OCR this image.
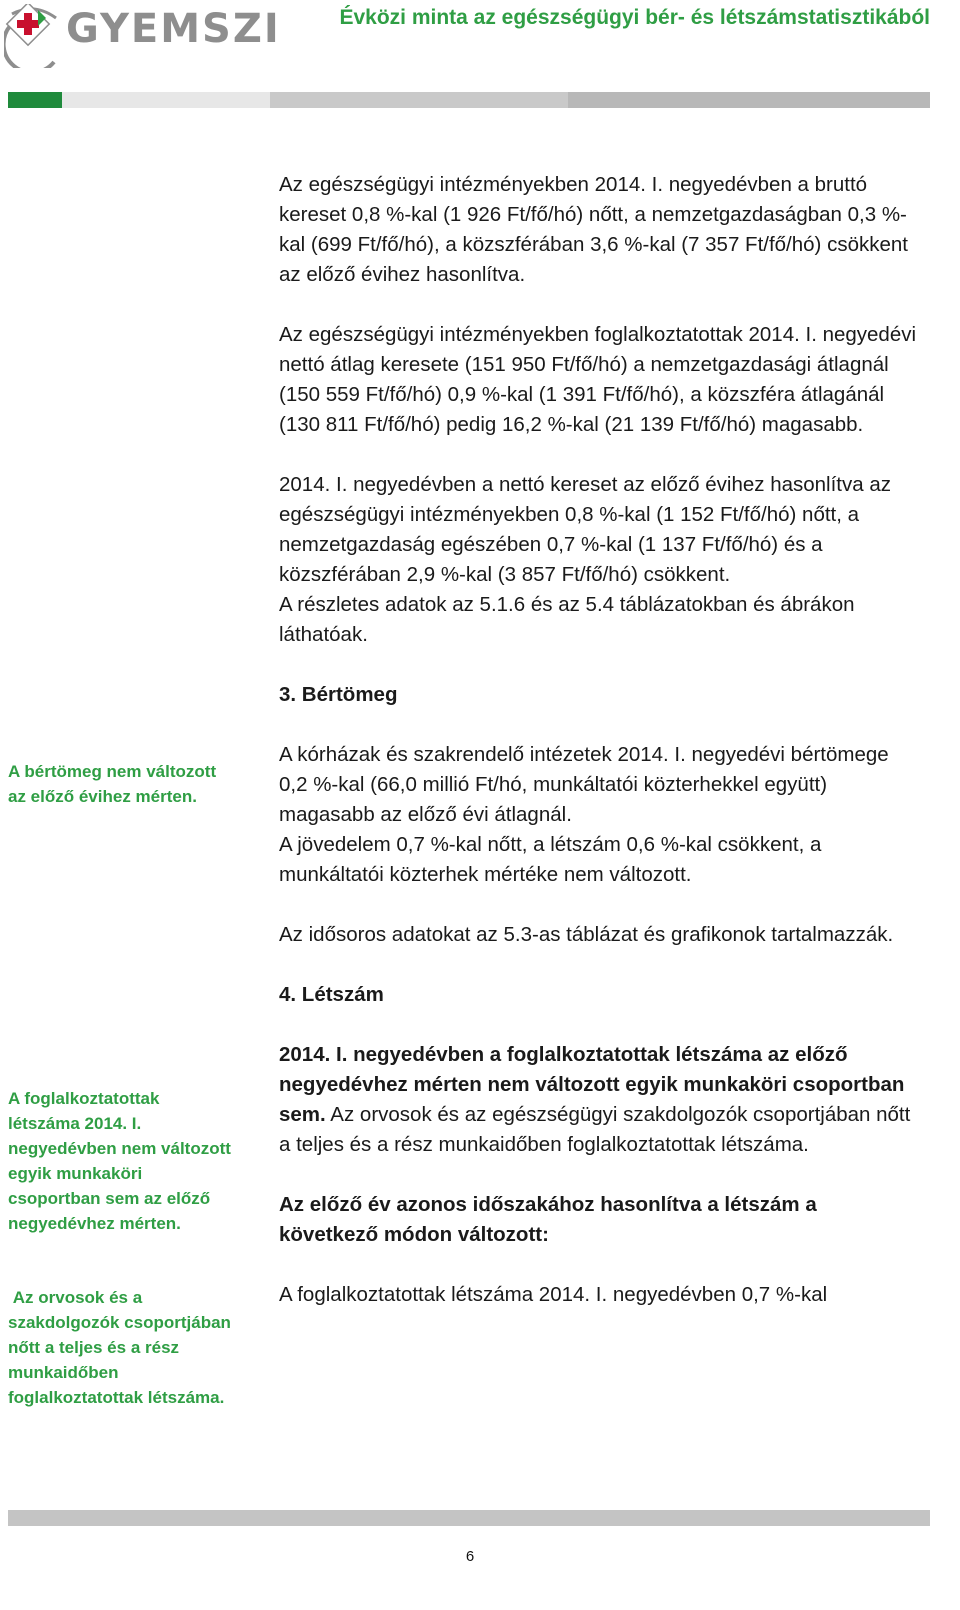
GYEMSZI	Évközi minta az egészségügyi bér- és létszámstatisztikából

Az egészségügyi intézményekben 2014. I. negyedévben a bruttó kereset 0,8 %-kal (1 926 Ft/fő/hó) nőtt, a nemzetgazdaságban 0,3 %-kal (699 Ft/fő/hó), a közszférában 3,6 %-kal (7 357 Ft/fő/hó) csökkent az előző évihez hasonlítva.

Az egészségügyi intézményekben foglalkoztatottak 2014. I. negyedévi nettó átlag keresete (151 950 Ft/fő/hó) a nemzetgazdasági átlagnál (150 559 Ft/fő/hó) 0,9 %-kal (1 391 Ft/fő/hó), a közszféra átlagánál (130 811 Ft/fő/hó) pedig 16,2 %-kal (21 139 Ft/fő/hó) magasabb.

2014. I. negyedévben a nettó kereset az előző évihez hasonlítva az egészségügyi intézményekben 0,8 %-kal (1 152 Ft/fő/hó) nőtt, a nemzetgazdaság egészében 0,7 %-kal (1 137 Ft/fő/hó) és a közszférában 2,9 %-kal (3 857 Ft/fő/hó) csökkent.

A részletes adatok az 5.1.6 és az 5.4 táblázatokban és ábrákon láthatóak.

3. Bértömeg

A kórházak és szakrendelő intézetek 2014. I. negyedévi bértömege 0,2 %-kal (66,0 millió Ft/hó, munkáltatói közterhekkel együtt) magasabb az előző évi átlagnál.

A jövedelem 0,7 %-kal nőtt, a létszám 0,6 %-kal csökkent, a munkáltatói közterhek mértéke nem változott.

Az idősoros adatokat az 5.3-as táblázat és grafikonok tartalmazzák.

4. Létszám

2014. I. negyedévben a foglalkoztatottak létszáma az előző negyedévhez mérten nem változott egyik munkaköri csoportban sem. Az orvosok és az egészségügyi szakdolgozók csoportjában nőtt a teljes és a rész munkaidőben foglalkoztatottak létszáma.

Az előző év azonos időszakához hasonlítva a létszám a következő módon változott:

A foglalkoztatottak létszáma 2014. I. negyedévben 0,7 %-kal

A bértömeg nem változott az előző évihez mérten.

A foglalkoztatottak létszáma 2014. I. negyedévben nem változott egyik munkaköri csoportban sem az előző negyedévhez mérten.

Az orvosok és a szakdolgozók csoportjában nőtt a teljes és a rész munkaidőben foglalkoztatottak létszáma.

6
